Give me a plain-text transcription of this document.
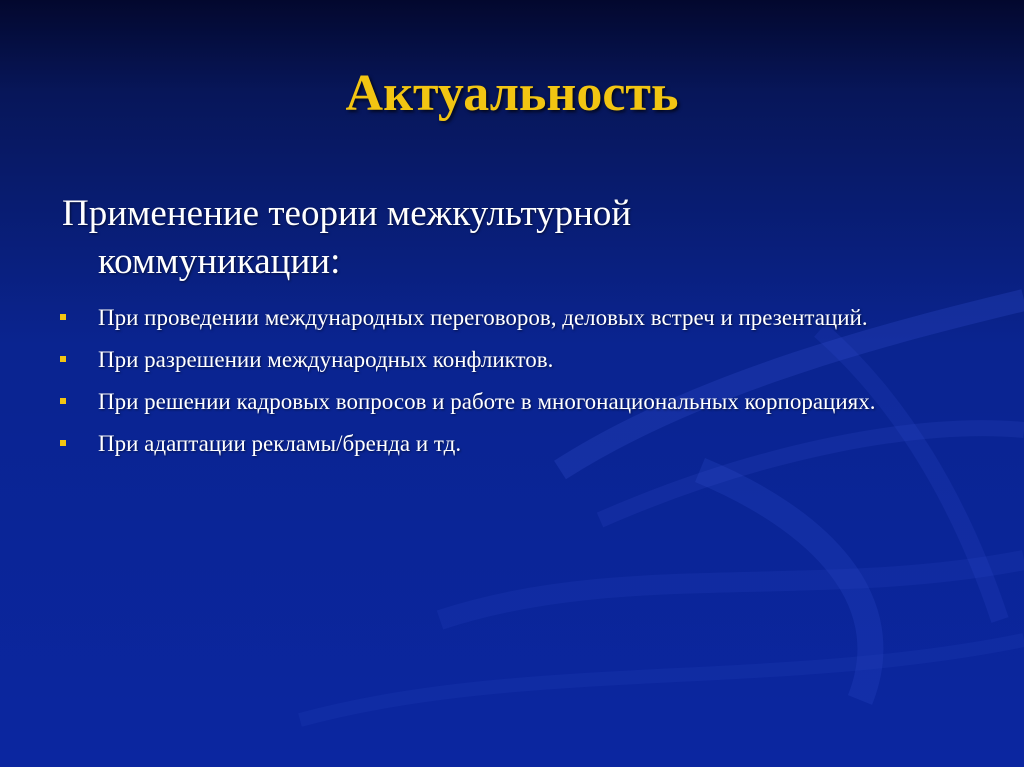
Актуальность
Применение теории межкультурной
коммуникации:
При проведении международных переговоров, деловых встреч и презентаций.
При разрешении международных конфликтов.
При решении кадровых вопросов и работе в многонациональных корпорациях.
При адаптации рекламы/бренда и тд.
